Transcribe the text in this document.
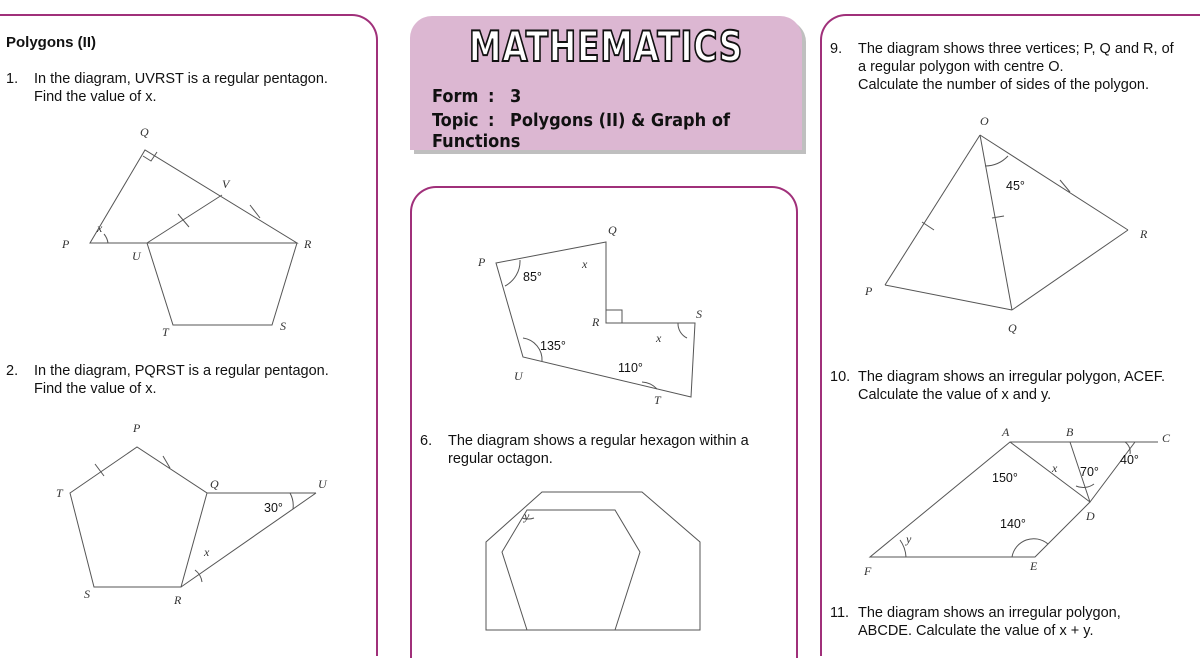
MATHEMATICS
Form : 3
Topic : Polygons (II) & Graph of Functions
Polygons (II)
1. In the diagram, UVRST is a regular pentagon.
Find the value of x.
Q
V
P	R
U
T	S
x
2. In the diagram, PQRST is a regular pentagon.
Find the value of x.
P
T
Q	U
S	R
x
30°
P
Q
R
S
T
U
x
x
85°
135°
110°
6. The diagram shows a regular hexagon within a
regular octagon.
y
9. The diagram shows three vertices; P, Q and R, of
a regular polygon with centre O.
Calculate the number of sides of the polygon.
O
R
P
Q
45°
10. The diagram shows an irregular polygon, ACEF.
Calculate the value of x and y.
A	B	C
D
E
F
x
y
40°
70°
150°
140°
11. The diagram shows an irregular polygon,
ABCDE. Calculate the value of x + y.
